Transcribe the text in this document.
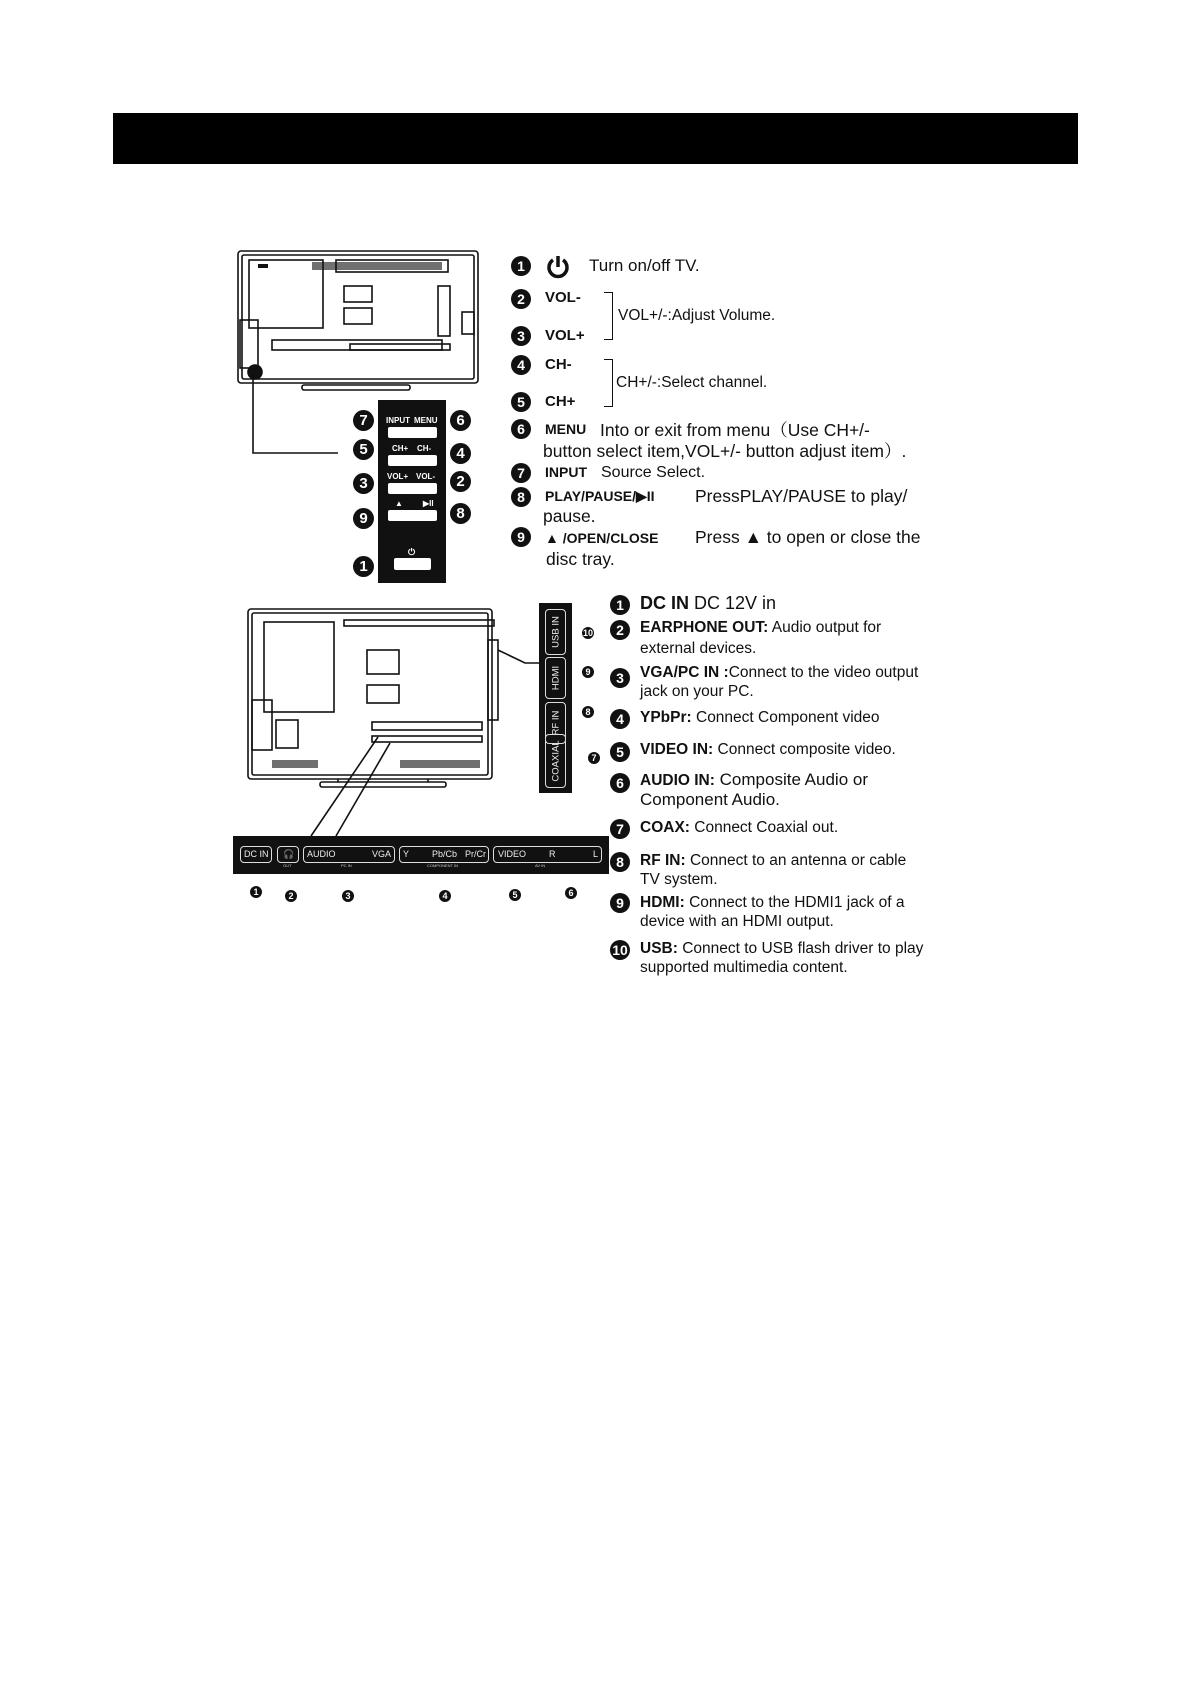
INPUT MENU
CH+ CH-
VOL+ VOL-
▲	▶II
⏻
7	6
5	4
3	2
9	8
1
1	Turn on/off TV.
2	VOL-
3	VOL+
VOL+/-:Adjust Volume.
4	CH-
5	CH+
CH+/-:Select channel.
6	MENU Into or exit from menu（Use CH+/-
button select item,VOL+/- button adjust item）.
7	INPUT Source Select.
8	PLAY/PAUSE/▶II PressPLAY/PAUSE to play/
pause.
9	▲ /OPEN/CLOSE Press ▲ to open or close the
disc tray.
USB IN
HDMI
RF IN
COAXIAL
10
9
8
7
DC IN 🎧
OUT
AUDIO	VGA
PC IN
Y	Pb/Cb Pr/Cr
COMPONENT IN
VIDEO	R	L
AV IN
1	2	3	4	5	6
1 DC IN DC 12V in
2	EARPHONE OUT: Audio output for
external devices.
3	VGA/PC IN :Connect to the video output
jack on your PC.
4	YPbPr: Connect Component video
5	VIDEO IN: Connect composite video.
6	AUDIO IN: Composite Audio or
Component Audio.
7	COAX: Connect Coaxial out.
8	RF IN: Connect to an antenna or cable
TV system.
9	HDMI: Connect to the HDMI1 jack of a
device with an HDMI output.
10 USB: Connect to USB flash driver to play
supported multimedia content.
